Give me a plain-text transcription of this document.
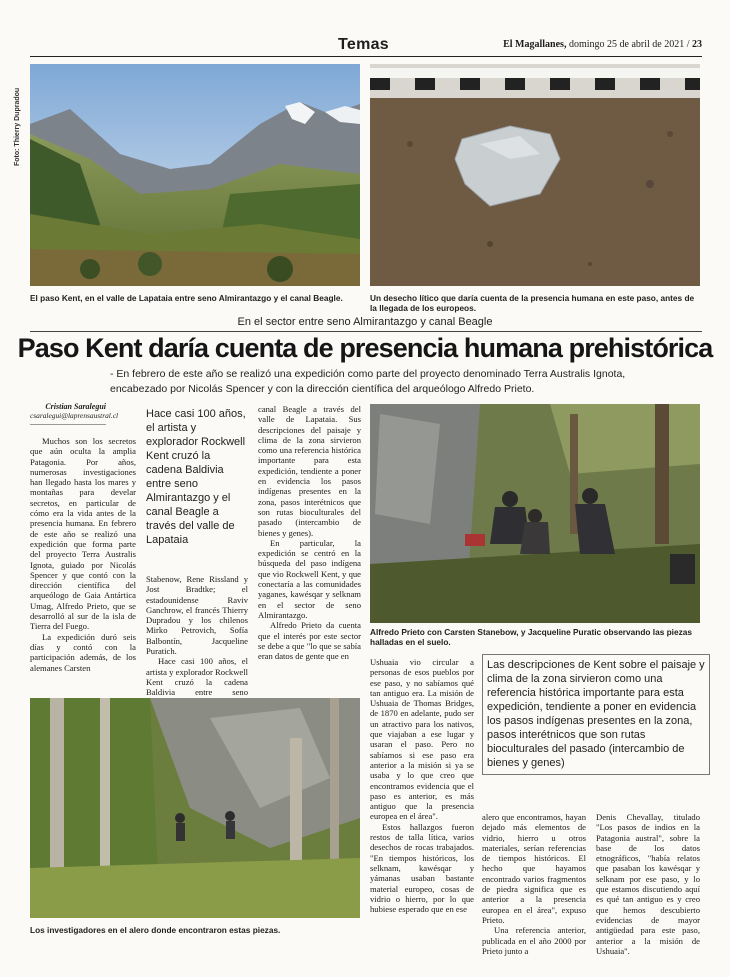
Temas	El Magallanes, domingo 25 de abril de 2021 / 23
Foto: Thierry Dupradou
El paso Kent, en el valle de Lapataia entre seno Almirantazgo y el canal Beagle.	Un desecho lítico que daría cuenta de la presencia humana en este paso, antes de la llegada de los europeos.
En el sector entre seno Almirantazgo y canal Beagle
Paso Kent daría cuenta de presencia humana prehistórica
- En febrero de este año se realizó una expedición como parte del proyecto denominado Terra Australis Ignota, encabezado por Nicolás Spencer y con la dirección científica del arqueólogo Alfredo Prieto.
Cristian Saralegui
csaralegui@laprensaustral.cl

Muchos son los secretos que aún oculta la amplia Patagonia. Por años, numerosas investigaciones han llegado hasta los mares y montañas para develar secretos, en particular de cómo era la vida antes de la presencia humana. En febrero de este año se realizó una expedición que forma parte del proyecto Terra Australis Ignota, guiado por Nicolás Spencer y que contó con la dirección científica del arqueólogo de Gaia Antártica Umag, Alfredo Prieto, que se desarrolló al sur de la isla de Tierra del Fuego.

La expedición duró seis días y contó con la participación además, de los alemanes Carsten

Hace casi 100 años, el artista y explorador Rockwell Kent cruzó la cadena Baldivia entre seno Almirantazgo y el canal Beagle a través del valle de Lapataia

Stabenow, Rene Rissland y Jost Bradtke; el estadounidense Raviv Ganchrow, el francés Thierry Dupradou y los chilenos Mirko Petrovich, Sofía Balbontín, Jacqueline Puratich.

Hace casi 100 años, el artista y explorador Rockwell Kent cruzó la cadena Baldivia entre seno

canal Beagle a través del valle de Lapataia. Sus descripciones del paisaje y clima de la zona sirvieron como una referencia histórica importante para esta expedición, tendiente a poner en evidencia los pasos indígenas presentes en la zona, pasos interétnicos que son rutas bioculturales del pasado (intercambio de bienes y genes).

En particular, la expedición se centró en la búsqueda del paso indígena que vio Rockwell Kent, y que conectaría a las comunidades yaganes, kawésqar y selknam en el sector de seno Almirantazgo.

Alfredo Prieto da cuenta que el interés por este sector se debe a que "lo que se sabía eran datos de gente que en

Alfredo Prieto con Carsten Stanebow, y Jacqueline Puratic observando las piezas halladas en el suelo.

Ushuaia vio circular a personas de esos pueblos por ese paso, y no sabíamos qué tan antiguo era. La misión de Ushuaia de Thomas Bridges, de 1870 en adelante, pudo ser un atractivo para los nativos, que viajaban a ese lugar y usaran el paso. Pero no sabíamos si ese paso era anterior a la misión si ya se usaba y lo que creo que encontramos evidencia que el paso es anterior, es más antiguo que la presencia europea en el área".

Estos hallazgos fueron restos de talla lítica, varios desechos de rocas trabajados. "En tiempos históricos, los selknam, kawésqar y yámanas usaban bastante material europeo, cosas de vidrio o hierro, por lo que hubiese esperado que en ese

Las descripciones de Kent sobre el paisaje y clima de la zona sirvieron como una referencia histórica importante para esta expedición, tendiente a poner en evidencia los pasos indígenas presentes en la zona, pasos interétnicos que son rutas bioculturales del pasado (intercambio de bienes y genes)

alero que encontramos, hayan dejado más elementos de vidrio, hierro u otros materiales, serían referencias de tiempos históricos. El hecho que hayamos encontrado varios fragmentos de piedra significa que es anterior a la presencia europea en el área", expuso Prieto.

Una referencia anterior, publicada en el año 2000 por Prieto junto a

Denis Chevallay, titulado "Los pasos de indios en la Patagonia austral", sobre la base de los datos etnográficos, "había relatos que pasaban los kawésqar y selknam por ese paso, y lo que estamos discutiendo aquí es qué tan antiguo es y creo que hemos descubierto evidencias de mayor antigüedad para este paso, anterior a la misión de Ushuaia".

Los investigadores en el alero donde encontraron estas piezas.
